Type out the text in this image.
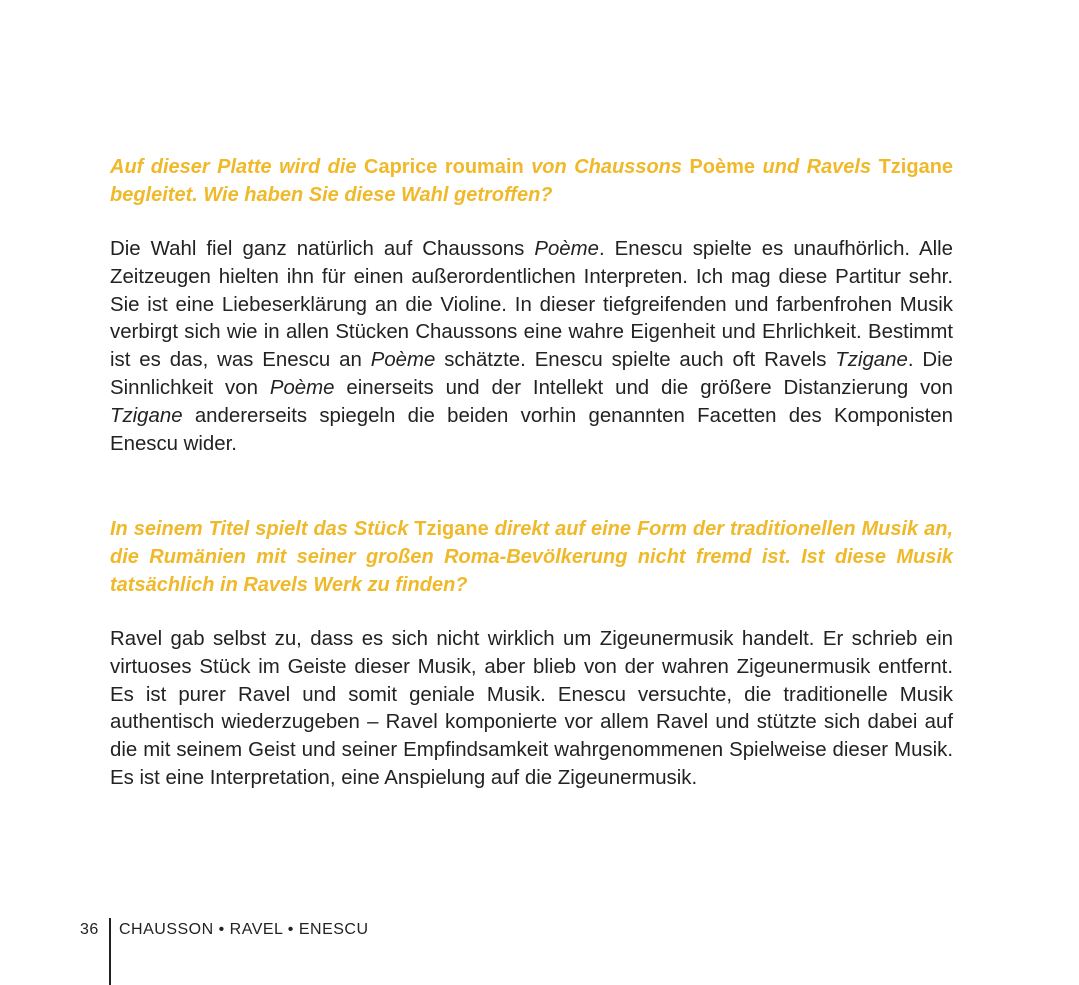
Auf dieser Platte wird die Caprice roumain von Chaussons Poème und Ravels Tzigane begleitet. Wie haben Sie diese Wahl getroffen?

Die Wahl fiel ganz natürlich auf Chaussons Poème. Enescu spielte es unaufhörlich. Alle Zeitzeugen hielten ihn für einen außerordentlichen Interpreten. Ich mag diese Partitur sehr. Sie ist eine Liebeserklärung an die Violine. In dieser tiefgreifenden und farbenfrohen Musik verbirgt sich wie in allen Stücken Chaussons eine wahre Eigenheit und Ehrlichkeit. Bestimmt ist es das, was Enescu an Poème schätzte. Enescu spielte auch oft Ravels Tzigane. Die Sinnlichkeit von Poème einerseits und der Intellekt und die größere Distanzierung von Tzigane andererseits spiegeln die beiden vorhin genannten Facetten des Komponisten Enescu wider.

In seinem Titel spielt das Stück Tzigane direkt auf eine Form der traditionellen Musik an, die Rumänien mit seiner großen Roma-Bevölkerung nicht fremd ist. Ist diese Musik tatsächlich in Ravels Werk zu finden?

Ravel gab selbst zu, dass es sich nicht wirklich um Zigeunermusik handelt. Er schrieb ein virtuoses Stück im Geiste dieser Musik, aber blieb von der wahren Zigeunermusik entfernt. Es ist purer Ravel und somit geniale Musik. Enescu versuchte, die traditionelle Musik authentisch wiederzugeben – Ravel komponierte vor allem Ravel und stützte sich dabei auf die mit seinem Geist und seiner Empfindsamkeit wahrgenommenen Spielweise dieser Musik. Es ist eine Interpretation, eine Anspielung auf die Zigeunermusik.

36 CHAUSSON • RAVEL • ENESCU
